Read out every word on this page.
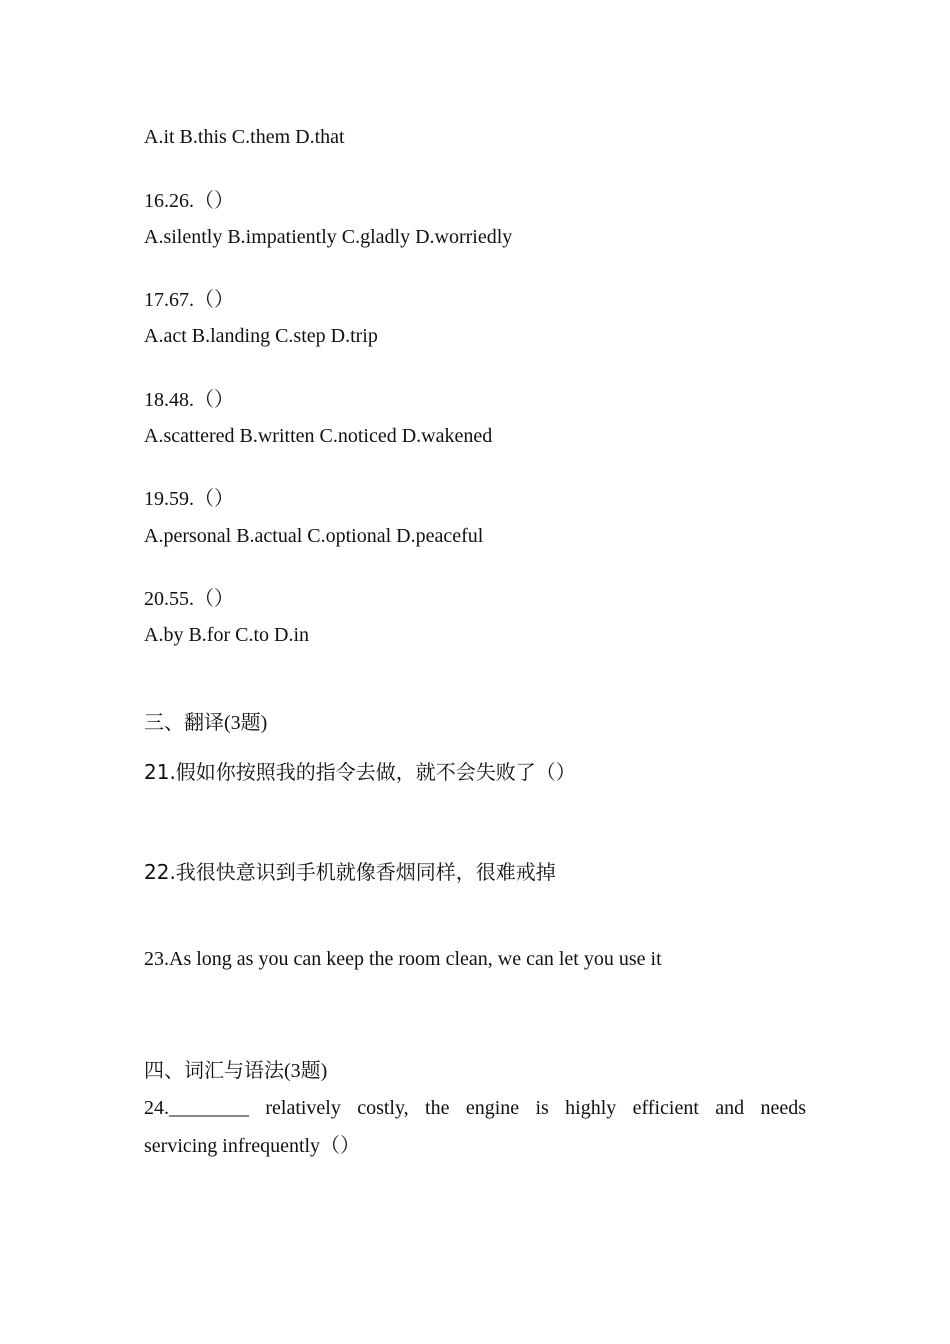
A.it B.this C.them D.that
16.26.（）
A.silently B.impatiently C.gladly D.worriedly
17.67.（）
A.act B.landing C.step D.trip
18.48.（）
A.scattered B.written C.noticed D.wakened
19.59.（）
A.personal B.actual C.optional D.peaceful
20.55.（）
A.by B.for C.to D.in
三、翻译(3题)
21.假如你按照我的指令去做，就不会失败了（）
22.我很快意识到手机就像香烟同样，很难戒掉
23.As long as you can keep the room clean, we can let you use it
四、词汇与语法(3题)
24.________ relatively costly, the engine is highly efficient and needs
servicing infrequently（）
